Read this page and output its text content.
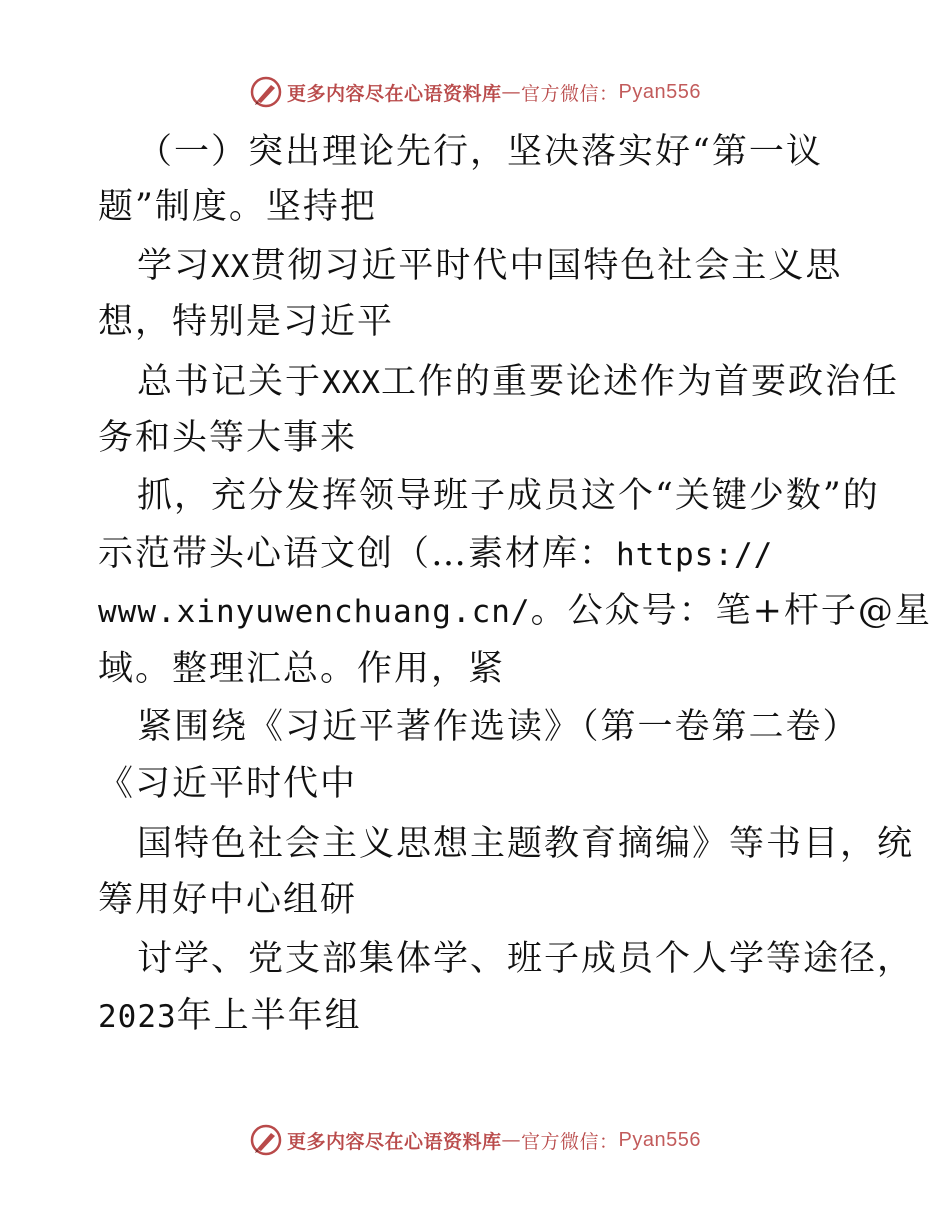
更多内容尽在心语资料库 — 官方微信： Pyan556
（一）突出理论先行，坚决落实好“第一议
题”制度。坚持把
学习XX贯彻习近平时代中国特色社会主义思
想，特别是习近平
总书记关于XXX工作的重要论述作为首要政治任
务和头等大事来
抓，充分发挥领导班子成员这个“关键少数”的
示范带头心语文创（…素材库：https://
www.xinyuwenchuang.cn/。公众号：笔+杆子@星
域。整理汇总。作用，紧
紧围绕《习近平著作选读》（第一卷第二卷）
《习近平时代中
国特色社会主义思想主题教育摘编》等书目，统
筹用好中心组研
讨学、党支部集体学、班子成员个人学等途径，
2023年上半年组
更多内容尽在心语资料库 — 官方微信： Pyan556
